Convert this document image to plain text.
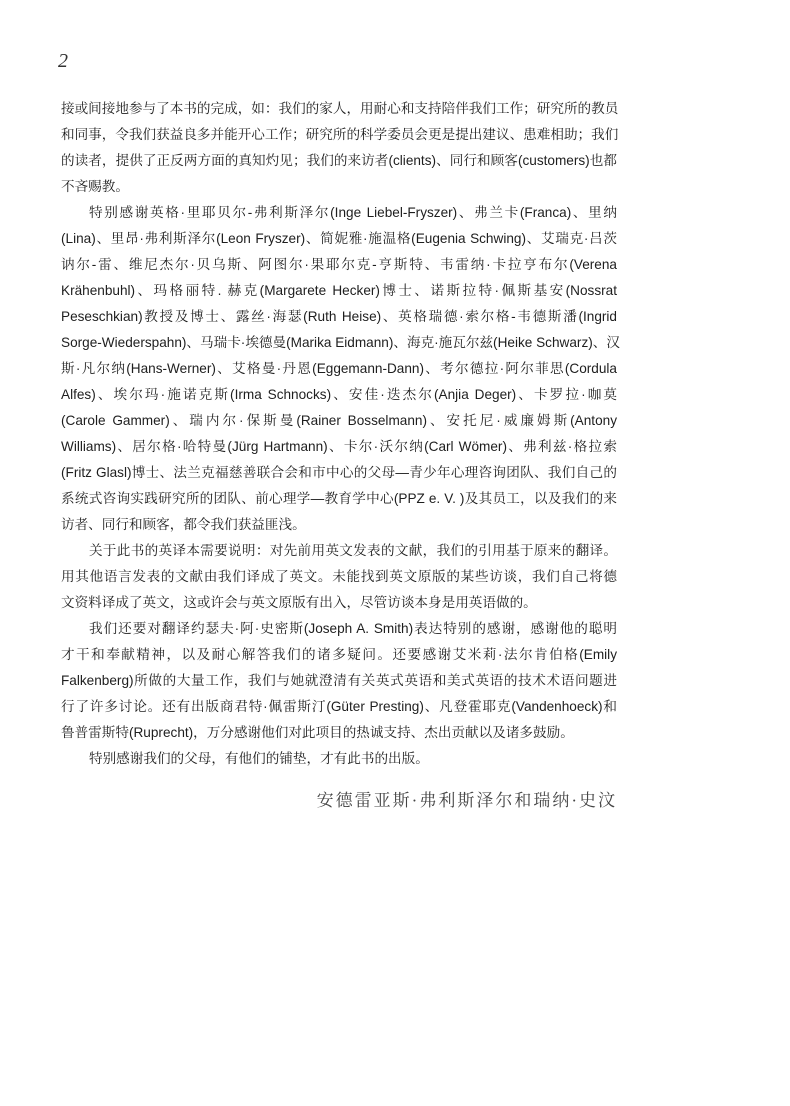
2
接或间接地参与了本书的完成，如：我们的家人，用耐心和支持陪伴我们工作；研究所的教员
和同事，令我们获益良多并能开心工作；研究所的科学委员会更是提出建议、患难相助；我们
的读者，提供了正反两方面的真知灼见；我们的来访者(clients)、同行和顾客(customers)也都
不吝赐教。
特别感谢英格·里耶贝尔-弗利斯泽尔(Inge Liebel-Fryszer)、弗兰卡(Franca)、里纳
(Lina)、里昂·弗利斯泽尔(Leon Fryszer)、简妮雅·施温格(Eugenia Schwing)、艾瑞克·吕茨
讷尔-雷、维尼杰尔·贝乌斯、阿图尔·果耶尔克-亨斯特、韦雷纳·卡拉亨布尔(Verena
Krähenbuhl)、玛格丽特. 赫克(Margarete Hecker)博士、诺斯拉特·佩斯基安(Nossrat
Peseschkian)教授及博士、露丝·海瑟(Ruth Heise)、英格瑞德·索尔格-韦德斯潘(Ingrid
Sorge-Wiederspahn)、马瑞卡·埃德曼(Marika Eidmann)、海克·施瓦尔兹(Heike Schwarz)、汉
斯·凡尔纳(Hans-Werner)、艾格曼·丹恩(Eggemann-Dann)、考尔德拉·阿尔菲思(Cordula
Alfes)、埃尔玛·施诺克斯(Irma Schnocks)、安佳·迭杰尔(Anjia Deger)、卡罗拉·咖莫
(Carole Gammer)、瑞内尔·保斯曼(Rainer Bosselmann)、安托尼·威廉姆斯(Antony
Williams)、居尔格·哈特曼(Jürg Hartmann)、卡尔·沃尔纳(Carl Wömer)、弗利兹·格拉索
(Fritz Glasl)博士、法兰克福慈善联合会和市中心的父母—青少年心理咨询团队、我们自己的
系统式咨询实践研究所的团队、前心理学—教育学中心(PPZ e. V. )及其员工，以及我们的来
访者、同行和顾客，都令我们获益匪浅。
关于此书的英译本需要说明：对先前用英文发表的文献，我们的引用基于原来的翻译。
用其他语言发表的文献由我们译成了英文。未能找到英文原版的某些访谈，我们自己将德
文资料译成了英文，这或许会与英文原版有出入，尽管访谈本身是用英语做的。
我们还要对翻译约瑟夫·阿·史密斯(Joseph A. Smith)表达特别的感谢，感谢他的聪明
才干和奉献精神，以及耐心解答我们的诸多疑问。还要感谢艾米莉·法尔肯伯格(Emily
Falkenberg)所做的大量工作，我们与她就澄清有关英式英语和美式英语的技术术语问题进
行了许多讨论。还有出版商君特·佩雷斯汀(Güter Presting)、凡登霍耶克(Vandenhoeck)和
鲁普雷斯特(Ruprecht)，万分感谢他们对此项目的热诚支持、杰出贡献以及诸多鼓励。
特别感谢我们的父母，有他们的铺垫，才有此书的出版。
安德雷亚斯·弗利斯泽尔和瑞纳·史汶
